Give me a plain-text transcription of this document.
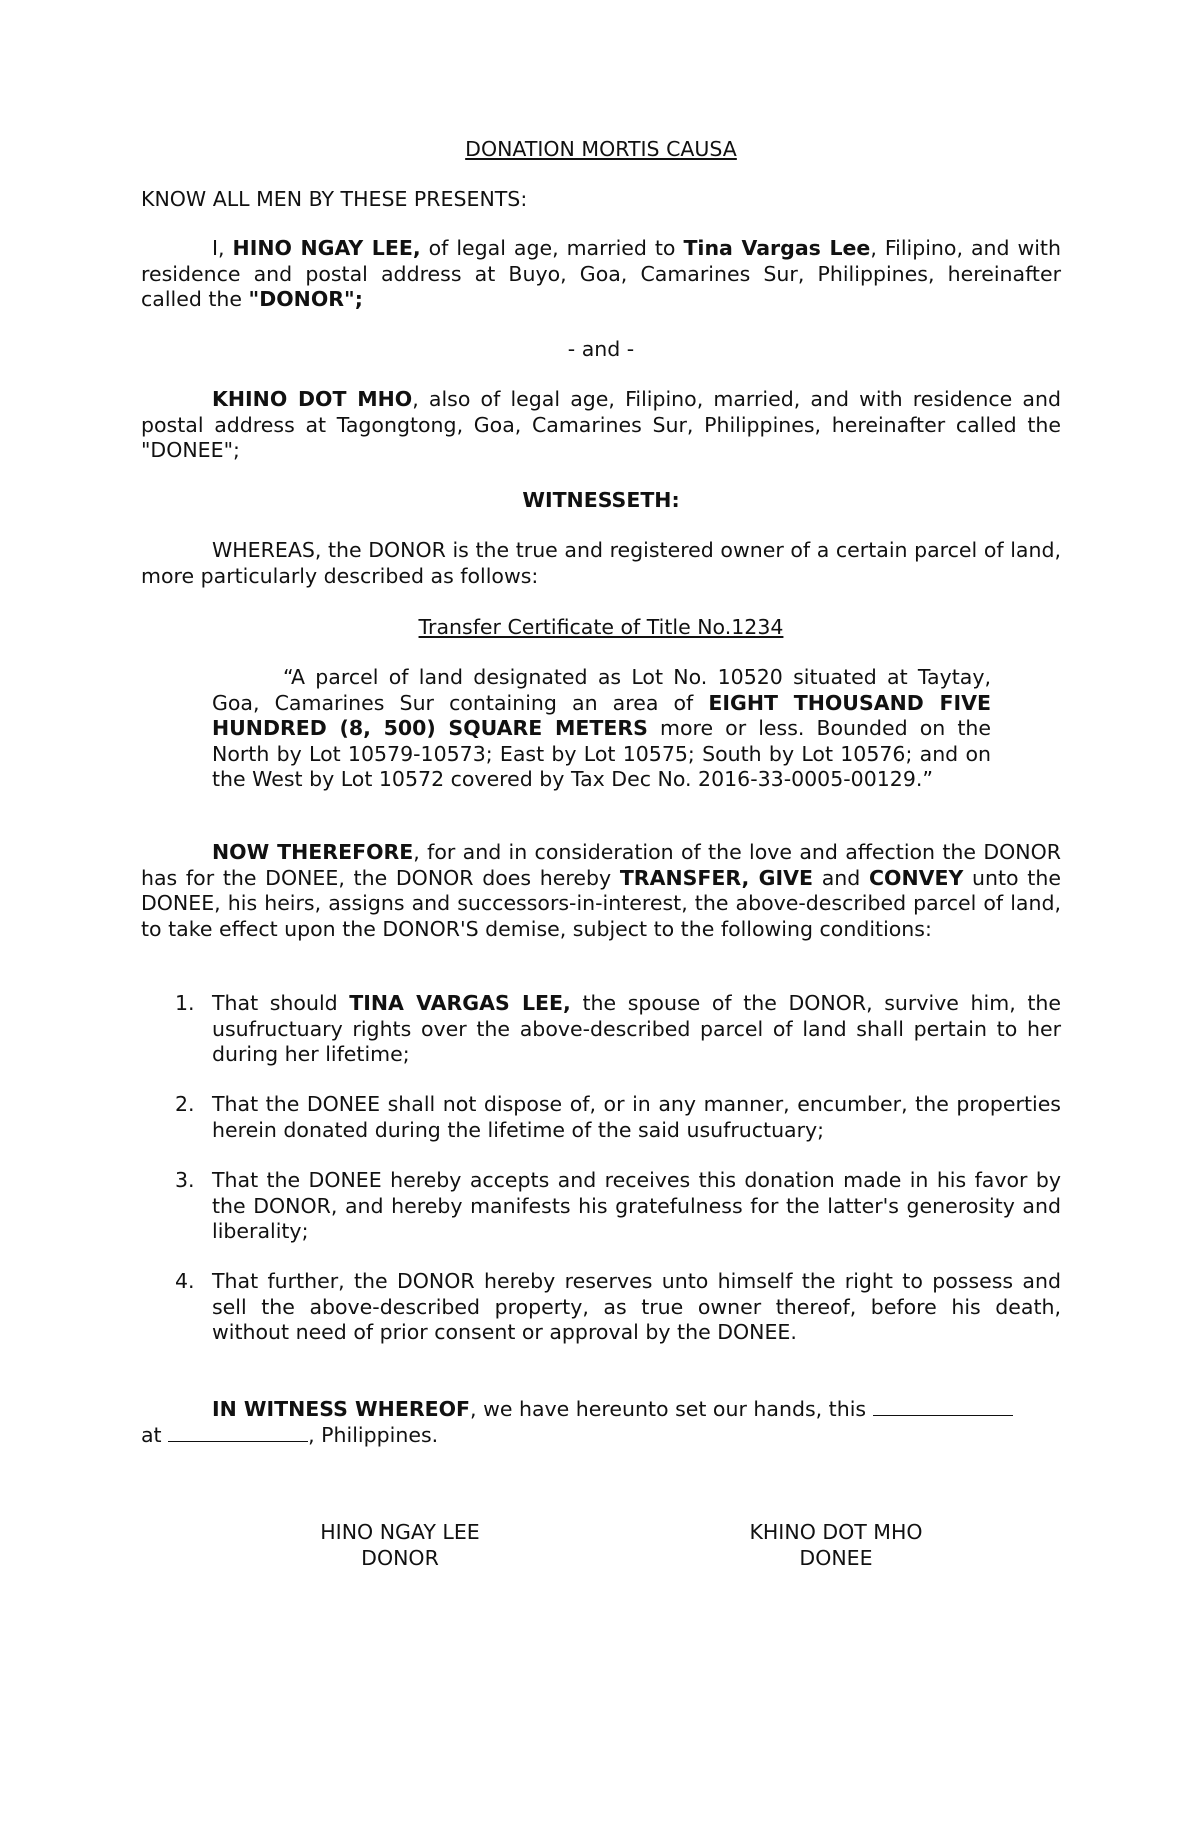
DONATION MORTIS CAUSA
KNOW ALL MEN BY THESE PRESENTS:
I, HINO NGAY LEE, of legal age, married to Tina Vargas Lee, Filipino, and with residence and postal address at Buyo, Goa, Camarines Sur, Philippines, hereinafter called the "DONOR";
- and -
KHINO DOT MHO, also of legal age, Filipino, married, and with residence and postal address at Tagongtong, Goa, Camarines Sur, Philippines, hereinafter called the "DONEE";
WITNESSETH:
WHEREAS, the DONOR is the true and registered owner of a certain parcel of land, more particularly described as follows:
Transfer Certificate of Title No.1234
“A parcel of land designated as Lot No. 10520 situated at Taytay, Goa, Camarines Sur containing an area of EIGHT THOUSAND FIVE HUNDRED (8, 500) SQUARE METERS more or less. Bounded on the North by Lot 10579-10573; East by Lot 10575; South by Lot 10576; and on the West by Lot 10572 covered by Tax Dec No. 2016-33-0005-00129.”
NOW THEREFORE, for and in consideration of the love and affection the DONOR has for the DONEE, the DONOR does hereby TRANSFER, GIVE and CONVEY unto the DONEE, his heirs, assigns and successors-in-interest, the above-described parcel of land, to take effect upon the DONOR'S demise, subject to the following conditions:
1. That should TINA VARGAS LEE, the spouse of the DONOR, survive him, the usufructuary rights over the above-described parcel of land shall pertain to her during her lifetime;
2. That the DONEE shall not dispose of, or in any manner, encumber, the properties herein donated during the lifetime of the said usufructuary;
3. That the DONEE hereby accepts and receives this donation made in his favor by the DONOR, and hereby manifests his gratefulness for the latter's generosity and liberality;
4. That further, the DONOR hereby reserves unto himself the right to possess and sell the above-described property, as true owner thereof, before his death, without need of prior consent or approval by the DONEE.
IN WITNESS WHEREOF, we have hereunto set our hands, this
at	, Philippines.
HINO NGAY LEE
DONOR
KHINO DOT MHO
DONEE
